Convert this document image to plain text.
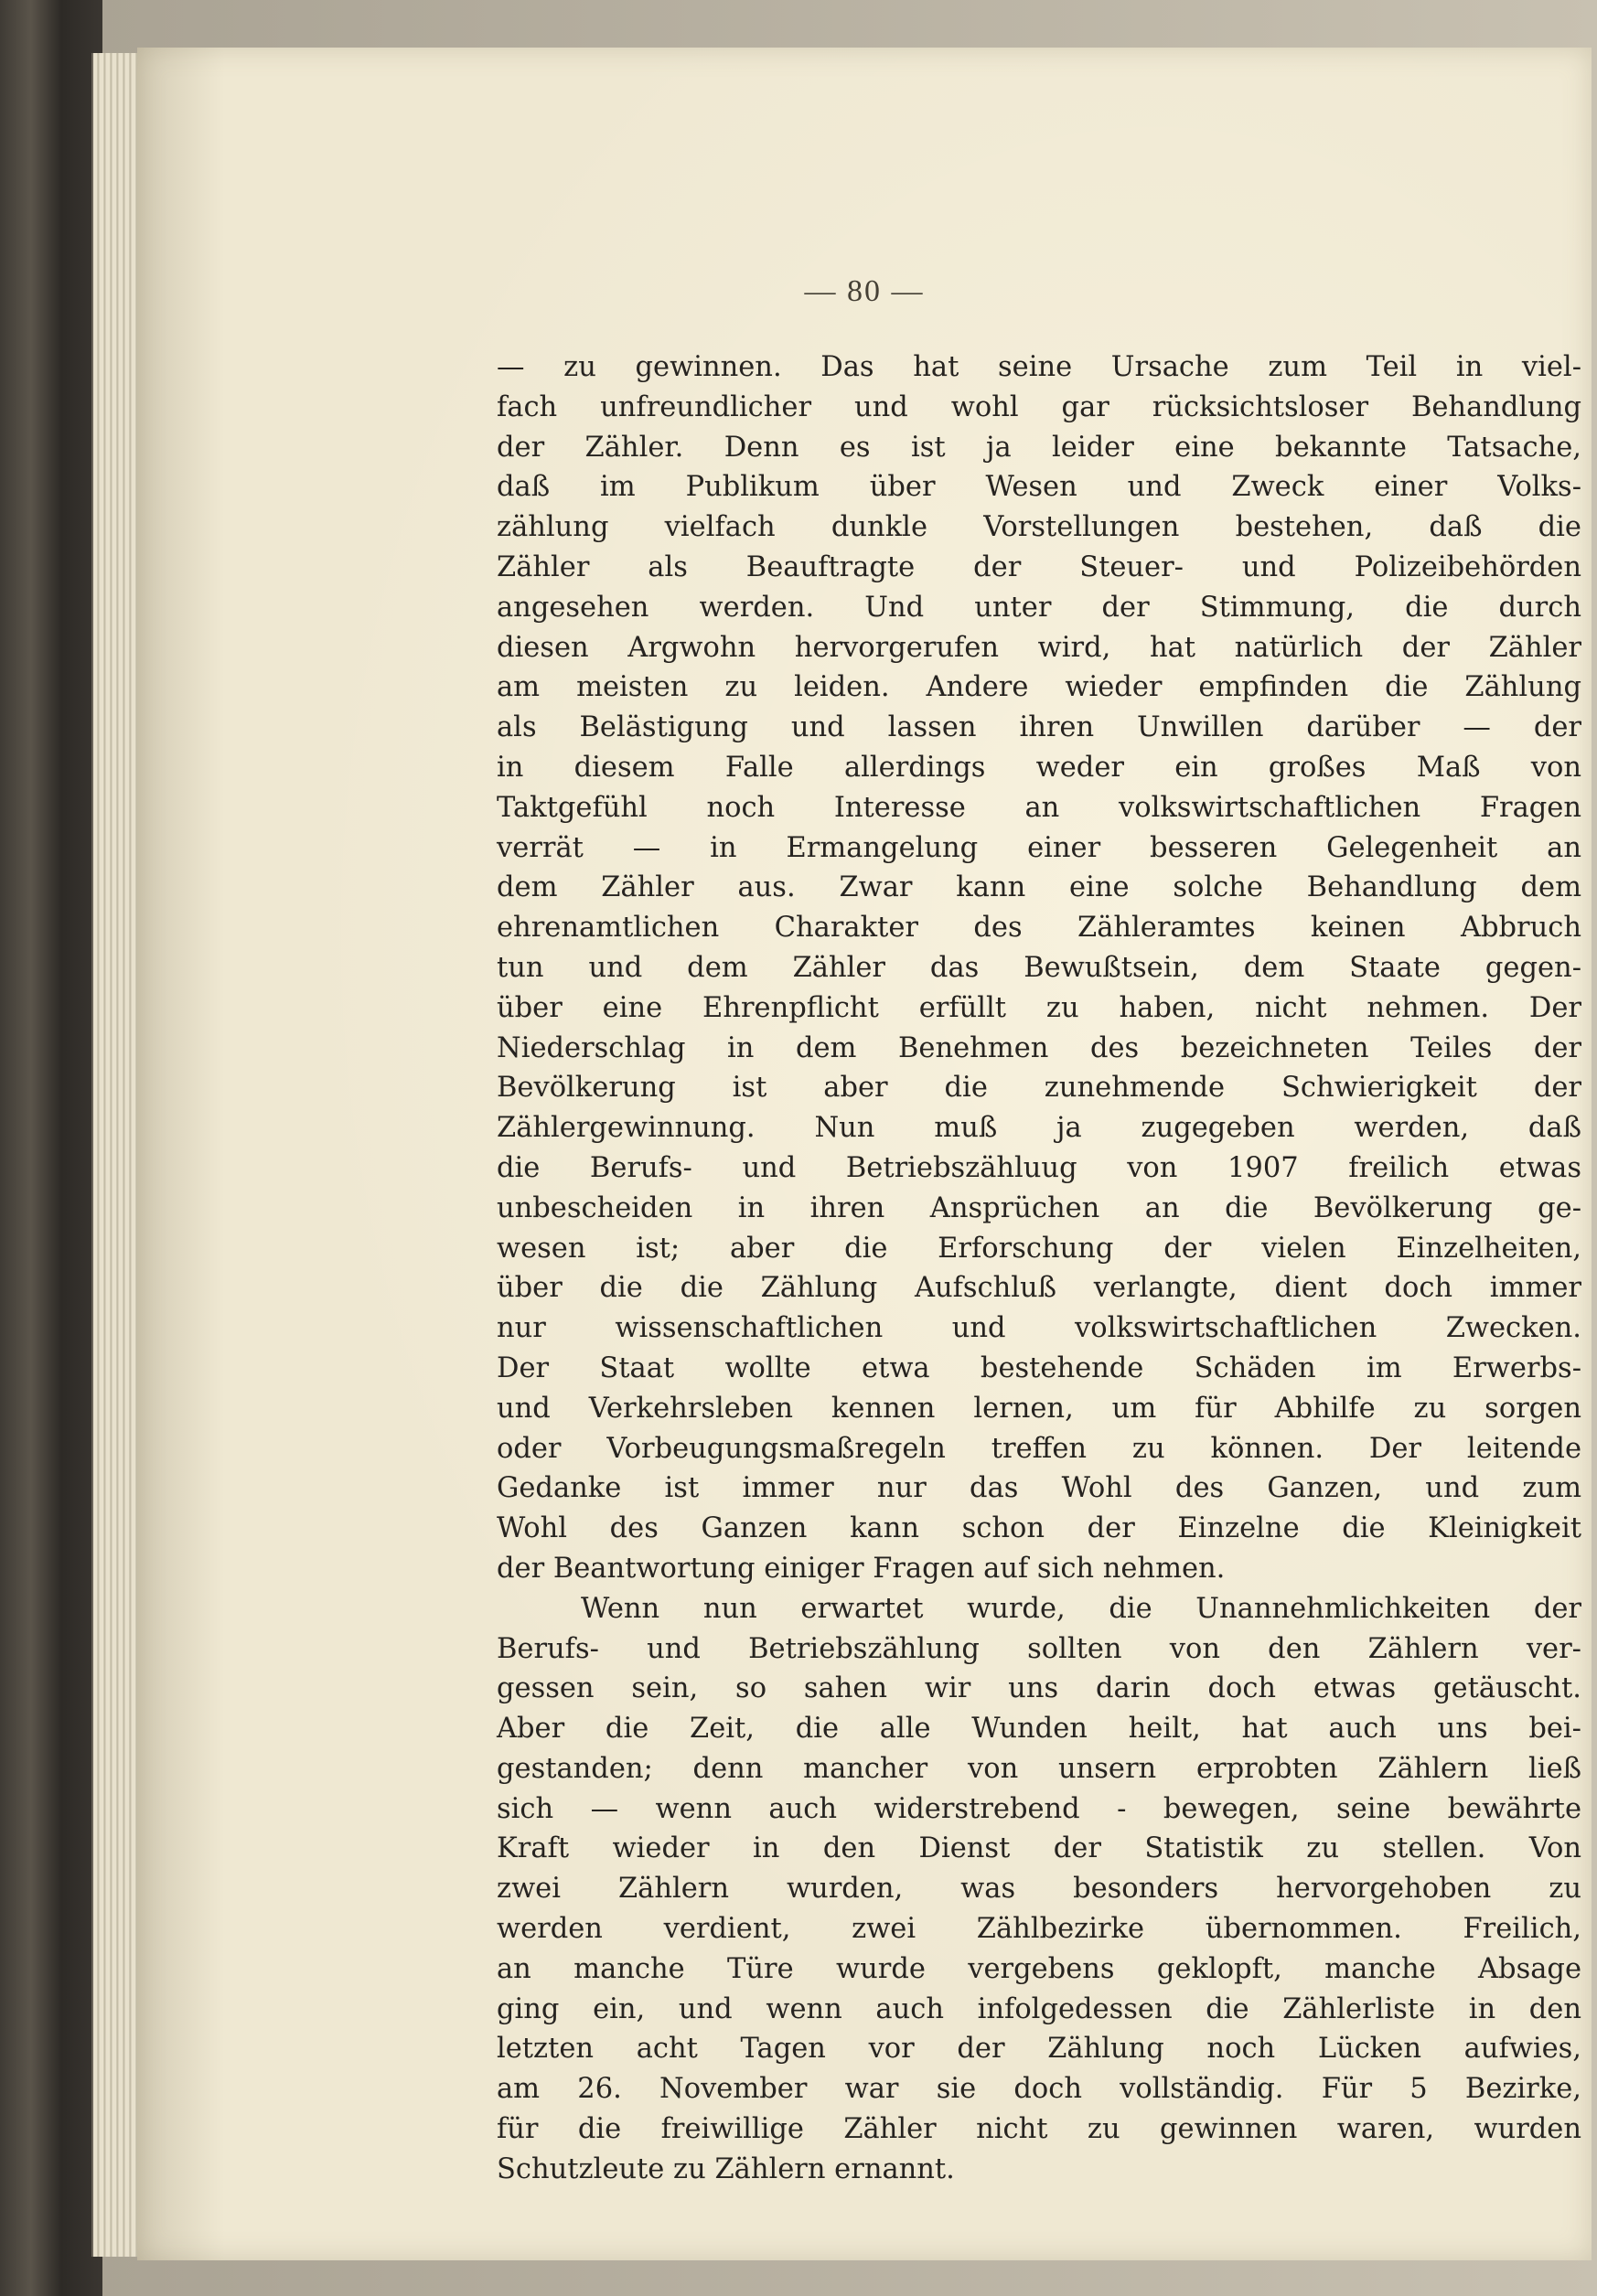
— 80 —
— zu gewinnen. Das hat seine Ursache zum Teil in viel-
fach unfreundlicher und wohl gar rücksichtsloser Behandlung
der Zähler. Denn es ist ja leider eine bekannte Tatsache,
daß im Publikum über Wesen und Zweck einer Volks-
zählung vielfach dunkle Vorstellungen bestehen, daß die
Zähler als Beauftragte der Steuer- und Polizeibehörden
angesehen werden. Und unter der Stimmung, die durch
diesen Argwohn hervorgerufen wird, hat natürlich der Zähler
am meisten zu leiden. Andere wieder empfinden die Zählung
als Belästigung und lassen ihren Unwillen darüber — der
in diesem Falle allerdings weder ein großes Maß von
Taktgefühl noch Interesse an volkswirtschaftlichen Fragen
verrät — in Ermangelung einer besseren Gelegenheit an
dem Zähler aus. Zwar kann eine solche Behandlung dem
ehrenamtlichen Charakter des Zähleramtes keinen Abbruch
tun und dem Zähler das Bewußtsein, dem Staate gegen-
über eine Ehrenpflicht erfüllt zu haben, nicht nehmen. Der
Niederschlag in dem Benehmen des bezeichneten Teiles der
Bevölkerung ist aber die zunehmende Schwierigkeit der
Zählergewinnung. Nun muß ja zugegeben werden, daß
die Berufs- und Betriebszähluug von 1907 freilich etwas
unbescheiden in ihren Ansprüchen an die Bevölkerung ge-
wesen ist; aber die Erforschung der vielen Einzelheiten,
über die die Zählung Aufschluß verlangte, dient doch immer
nur wissenschaftlichen und volkswirtschaftlichen Zwecken.
Der Staat wollte etwa bestehende Schäden im Erwerbs-
und Verkehrsleben kennen lernen, um für Abhilfe zu sorgen
oder Vorbeugungsmaßregeln treffen zu können. Der leitende
Gedanke ist immer nur das Wohl des Ganzen, und zum
Wohl des Ganzen kann schon der Einzelne die Kleinigkeit
der Beantwortung einiger Fragen auf sich nehmen.
Wenn nun erwartet wurde, die Unannehmlichkeiten der
Berufs- und Betriebszählung sollten von den Zählern ver-
gessen sein, so sahen wir uns darin doch etwas getäuscht.
Aber die Zeit, die alle Wunden heilt, hat auch uns bei-
gestanden; denn mancher von unsern erprobten Zählern ließ
sich — wenn auch widerstrebend - bewegen, seine bewährte
Kraft wieder in den Dienst der Statistik zu stellen. Von
zwei Zählern wurden, was besonders hervorgehoben zu
werden verdient, zwei Zählbezirke übernommen. Freilich,
an manche Türe wurde vergebens geklopft, manche Absage
ging ein, und wenn auch infolgedessen die Zählerliste in den
letzten acht Tagen vor der Zählung noch Lücken aufwies,
am 26. November war sie doch vollständig. Für 5 Bezirke,
für die freiwillige Zähler nicht zu gewinnen waren, wurden
Schutzleute zu Zählern ernannt.
